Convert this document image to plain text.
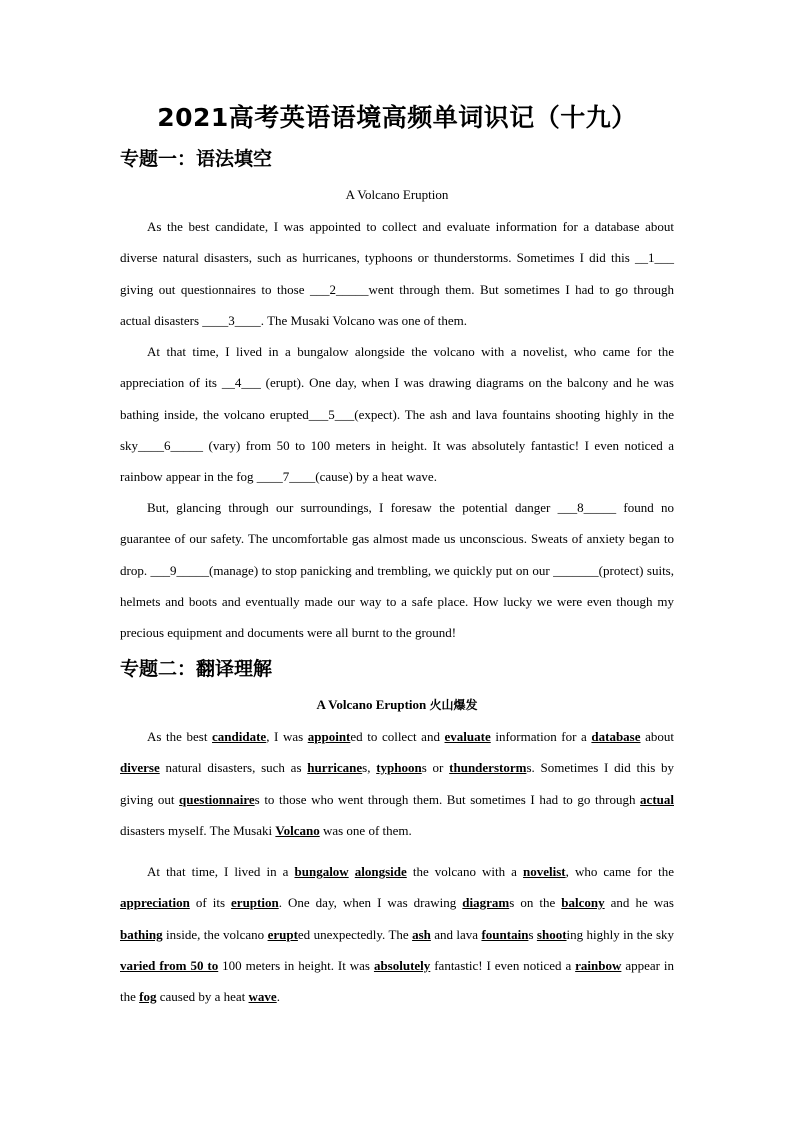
2021高考英语语境高频单词识记（十九）
专题一：语法填空
A Volcano Eruption

As the best candidate, I was appointed to collect and evaluate information for a database about diverse natural disasters, such as hurricanes, typhoons or thunderstorms. Sometimes I did this __1___ giving out questionnaires to those ___2_____went through them. But sometimes I had to go through actual disasters ____3____. The Musaki Volcano was one of them.

At that time, I lived in a bungalow alongside the volcano with a novelist, who came for the appreciation of its __4___ (erupt). One day, when I was drawing diagrams on the balcony and he was bathing inside, the volcano erupted___5___(expect). The ash and lava fountains shooting highly in the sky____6_____ (vary) from 50 to 100 meters in height. It was absolutely fantastic! I even noticed a rainbow appear in the fog ____7____(cause) by a heat wave.

But, glancing through our surroundings, I foresaw the potential danger ___8_____ found no guarantee of our safety. The uncomfortable gas almost made us unconscious. Sweats of anxiety began to drop. ___9_____(manage) to stop panicking and trembling, we quickly put on our _______(protect) suits, helmets and boots and eventually made our way to a safe place. How lucky we were even though my precious equipment and documents were all burnt to the ground!

专题二：翻译理解
A Volcano Eruption 火山爆发

As the best candidate, I was appointed to collect and evaluate information for a database about diverse natural disasters, such as hurricanes, typhoons or thunderstorms. Sometimes I did this by giving out questionnaires to those who went through them. But sometimes I had to go through actual disasters myself. The Musaki Volcano was one of them.

At that time, I lived in a bungalow alongside the volcano with a novelist, who came for the appreciation of its eruption. One day, when I was drawing diagrams on the balcony and he was bathing inside, the volcano erupted unexpectedly. The ash and lava fountains shooting highly in the sky varied from 50 to 100 meters in height. It was absolutely fantastic! I even noticed a rainbow appear in the fog caused by a heat wave.
